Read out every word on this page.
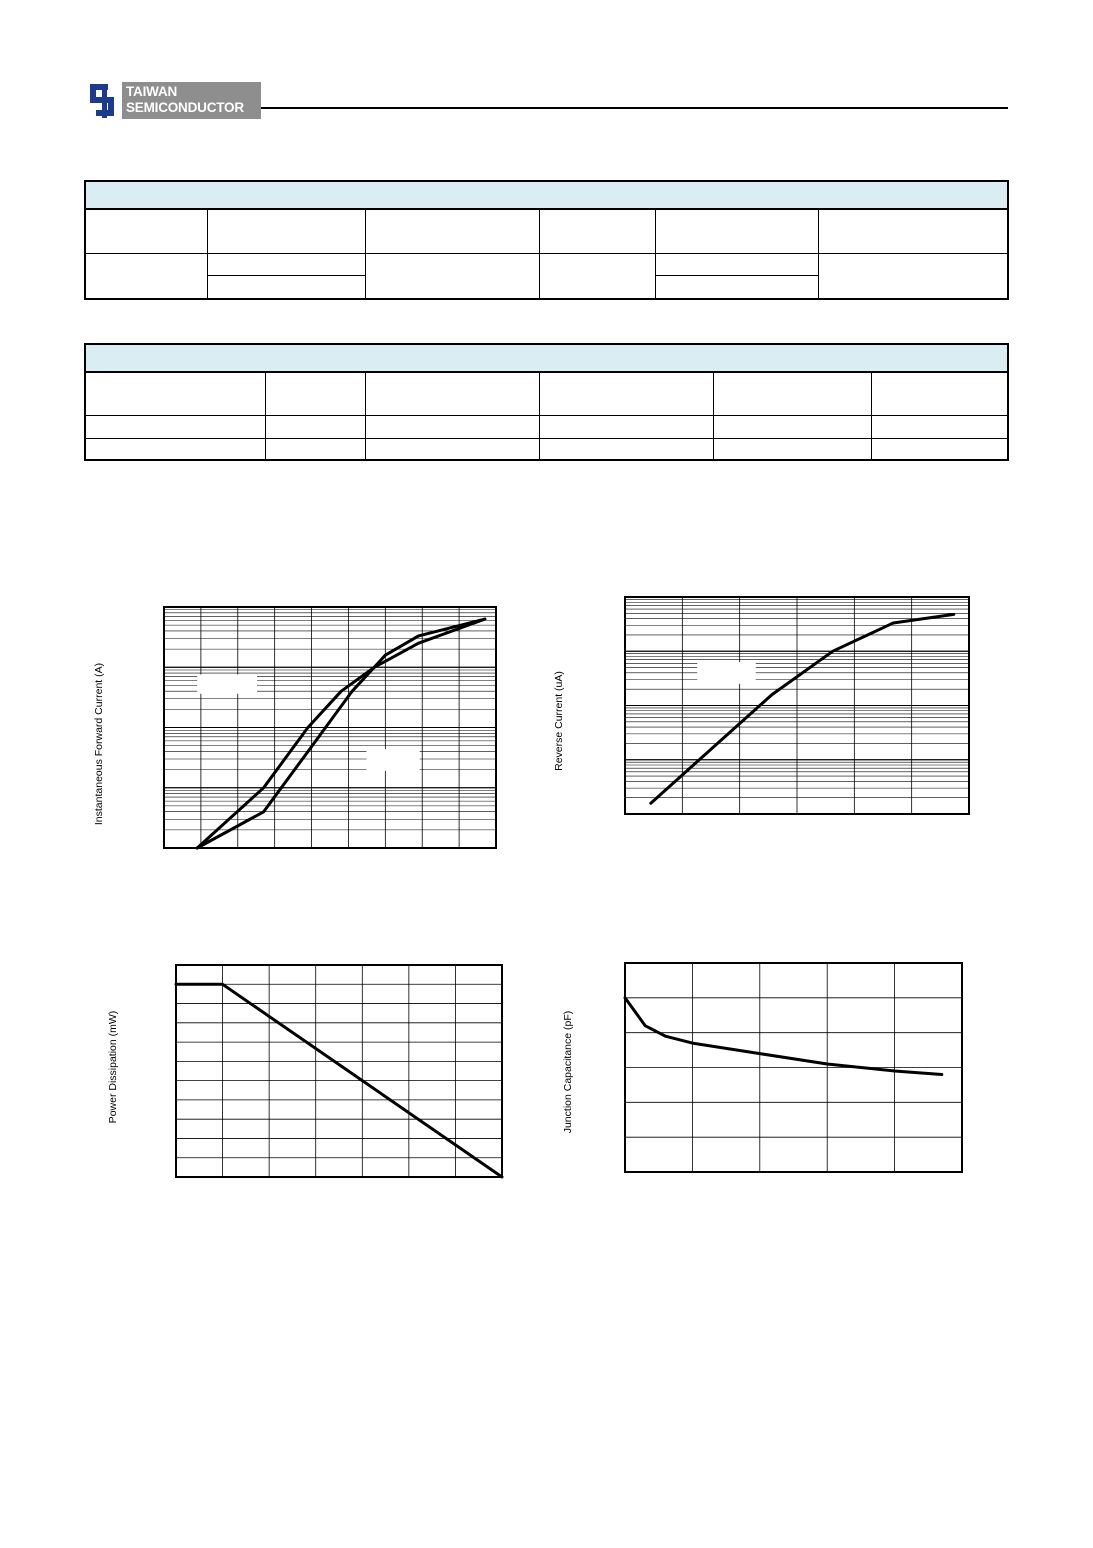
TAIWAN
SEMICONDUCTOR
Instantaneous Forward Current (A)	Reverse Current (uA)
Power Dissipation (mW)	Junction Capacitance (pF)
